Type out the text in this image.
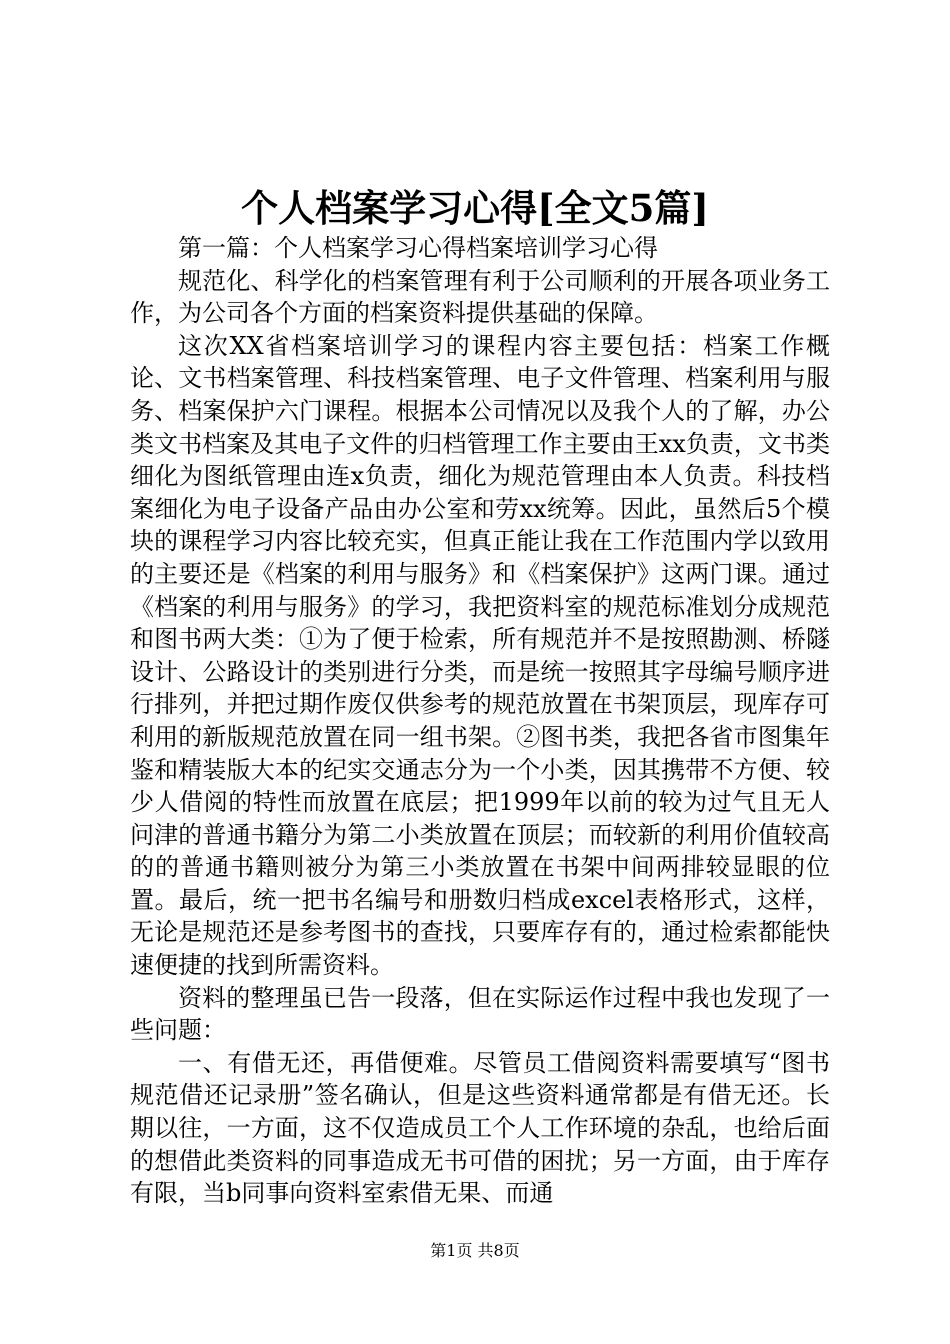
个人档案学习心得[全文5篇]

第一篇：个人档案学习心得档案培训学习心得

规范化、科学化的档案管理有利于公司顺利的开展各项业务工作，为公司各个方面的档案资料提供基础的保障。

这次XX省档案培训学习的课程内容主要包括：档案工作概论、文书档案管理、科技档案管理、电子文件管理、档案利用与服务、档案保护六门课程。根据本公司情况以及我个人的了解，办公类文书档案及其电子文件的归档管理工作主要由王xx负责，文书类细化为图纸管理由连x负责，细化为规范管理由本人负责。科技档案细化为电子设备产品由办公室和劳xx统筹。因此，虽然后5个模块的课程学习内容比较充实，但真正能让我在工作范围内学以致用的主要还是《档案的利用与服务》和《档案保护》这两门课。通过《档案的利用与服务》的学习，我把资料室的规范标准划分成规范和图书两大类：①为了便于检索，所有规范并不是按照勘测、桥隧设计、公路设计的类别进行分类，而是统一按照其字母编号顺序进行排列，并把过期作废仅供参考的规范放置在书架顶层，现库存可利用的新版规范放置在同一组书架。②图书类，我把各省市图集年鉴和精装版大本的纪实交通志分为一个小类，因其携带不方便、较少人借阅的特性而放置在底层；把1999年以前的较为过气且无人问津的普通书籍分为第二小类放置在顶层；而较新的利用价值较高的的普通书籍则被分为第三小类放置在书架中间两排较显眼的位置。最后，统一把书名编号和册数归档成excel表格形式，这样，无论是规范还是参考图书的查找，只要库存有的，通过检索都能快速便捷的找到所需资料。

资料的整理虽已告一段落，但在实际运作过程中我也发现了一些问题：

一、有借无还，再借便难。尽管员工借阅资料需要填写“图书规范借还记录册”签名确认，但是这些资料通常都是有借无还。长期以往，一方面，这不仅造成员工个人工作环境的杂乱，也给后面的想借此类资料的同事造成无书可借的困扰；另一方面，由于库存有限，当b同事向资料室索借无果、而通

第1页 共8页
